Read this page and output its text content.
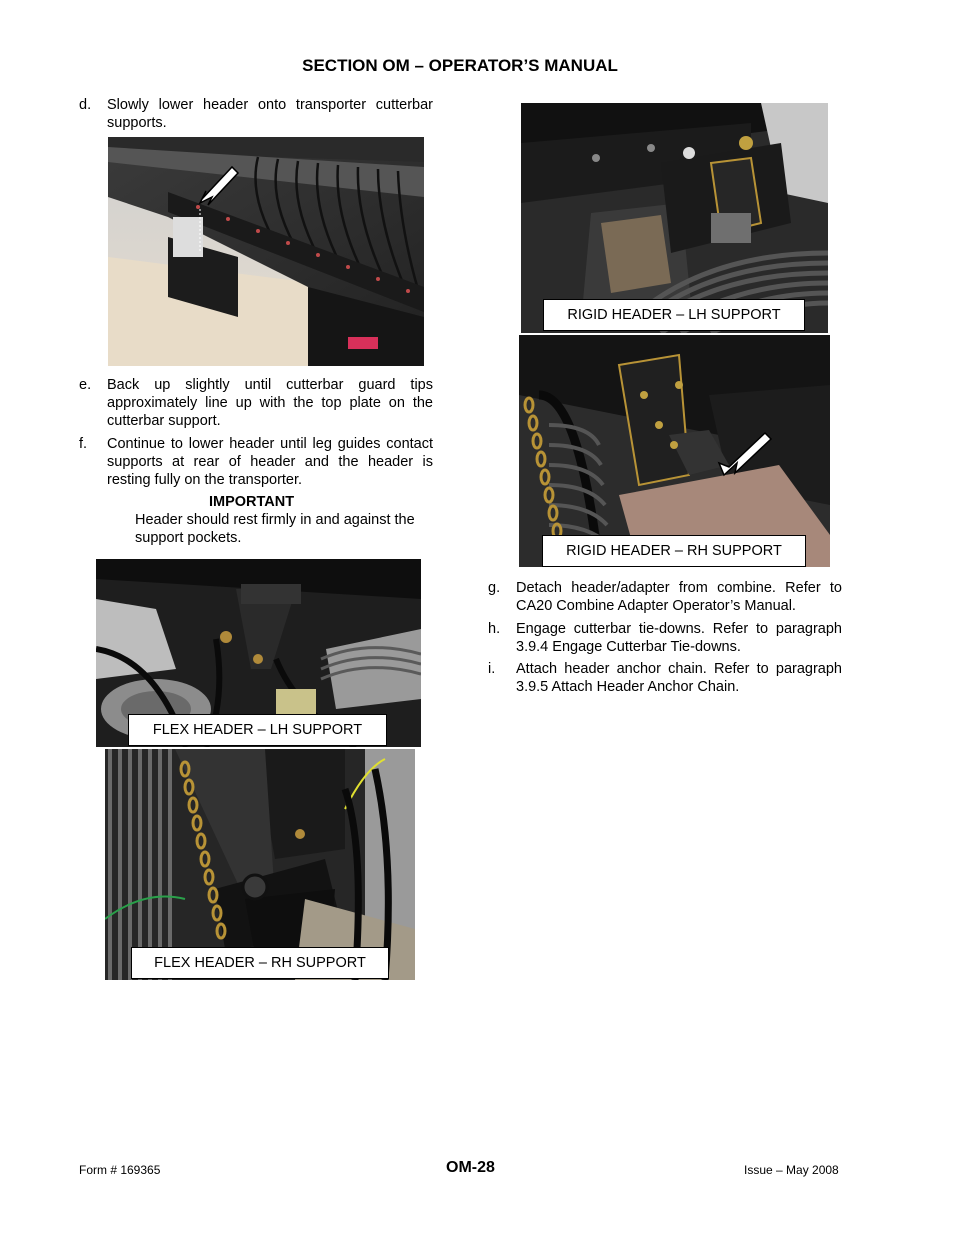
SECTION OM – OPERATOR’S MANUAL
d. Slowly lower header onto transporter cutterbar supports.
e. Back up slightly until cutterbar guard tips approximately line up with the top plate on the cutterbar support.
f. Continue to lower header until leg guides contact supports at rear of header and the header is resting fully on the transporter.
IMPORTANT
Header should rest firmly in and against the support pockets.
FLEX HEADER – LH SUPPORT
FLEX HEADER – RH SUPPORT
RIGID HEADER – LH SUPPORT
RIGID HEADER – RH SUPPORT
g. Detach header/adapter from combine. Refer to CA20 Combine Adapter Operator’s Manual.
h. Engage cutterbar tie-downs. Refer to paragraph 3.9.4 Engage Cutterbar Tie-downs.
i. Attach header anchor chain. Refer to paragraph 3.9.5 Attach Header Anchor Chain.
Form # 169365	OM-28	Issue – May 2008
